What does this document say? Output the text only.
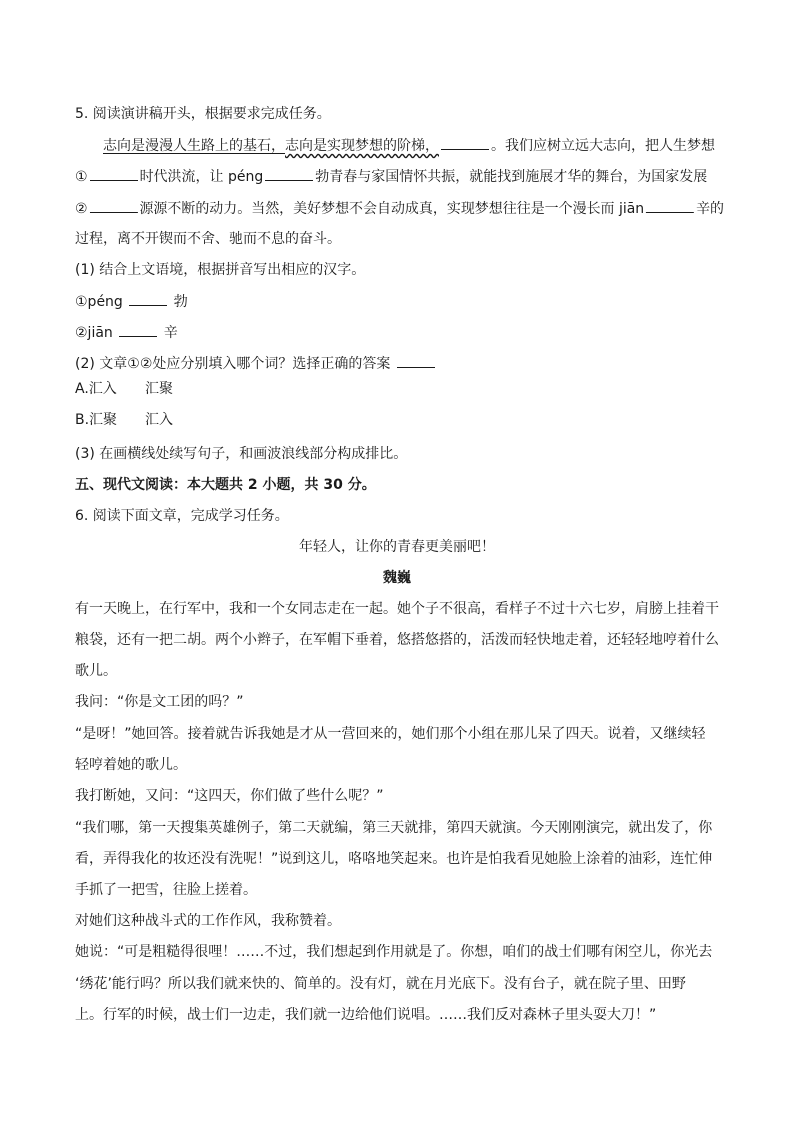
5. 阅读演讲稿开头，根据要求完成任务。
志向是漫漫人生路上的基石，志向是实现梦想的阶梯，	。我们应树立远大志向，把人生梦想
①	时代洪流，让 péng	勃青春与家国情怀共振，就能找到施展才华的舞台，为国家发展
②	源源不断的动力。当然，美好梦想不会自动成真，实现梦想往往是一个漫长而 jiān	辛的
过程，离不开锲而不舍、驰而不息的奋斗。
(1) 结合上文语境，根据拼音写出相应的汉字。
①péng	勃
②jiān	辛
(2) 文章①②处应分别填入哪个词？选择正确的答案
A.汇入 汇聚
B.汇聚 汇入
(3) 在画横线处续写句子，和画波浪线部分构成排比。
五、现代文阅读：本大题共 2 小题，共 30 分。
6. 阅读下面文章，完成学习任务。
年轻人，让你的青春更美丽吧！
魏巍
有一天晚上，在行军中，我和一个女同志走在一起。她个子不很高，看样子不过十六七岁，肩膀上挂着干
粮袋，还有一把二胡。两个小辫子，在军帽下垂着，悠搭悠搭的，活泼而轻快地走着，还轻轻地哼着什么
歌儿。
我问：“你是文工团的吗？”
“是呀！”她回答。接着就告诉我她是才从一营回来的，她们那个小组在那儿呆了四天。说着，又继续轻
轻哼着她的歌儿。
我打断她，又问：“这四天，你们做了些什么呢？”
“我们哪，第一天搜集英雄例子，第二天就编，第三天就排，第四天就演。今天刚刚演完，就出发了，你
看，弄得我化的妆还没有洗呢！”说到这儿，咯咯地笑起来。也许是怕我看见她脸上涂着的油彩，连忙伸
手抓了一把雪，往脸上搓着。
对她们这种战斗式的工作作风，我称赞着。
她说：“可是粗糙得很哩！……不过，我们想起到作用就是了。你想，咱们的战士们哪有闲空儿，你光去
‘绣花’能行吗？所以我们就来快的、简单的。没有灯，就在月光底下。没有台子，就在院子里、田野
上。行军的时候，战士们一边走，我们就一边给他们说唱。……我们反对森林子里头耍大刀！”
